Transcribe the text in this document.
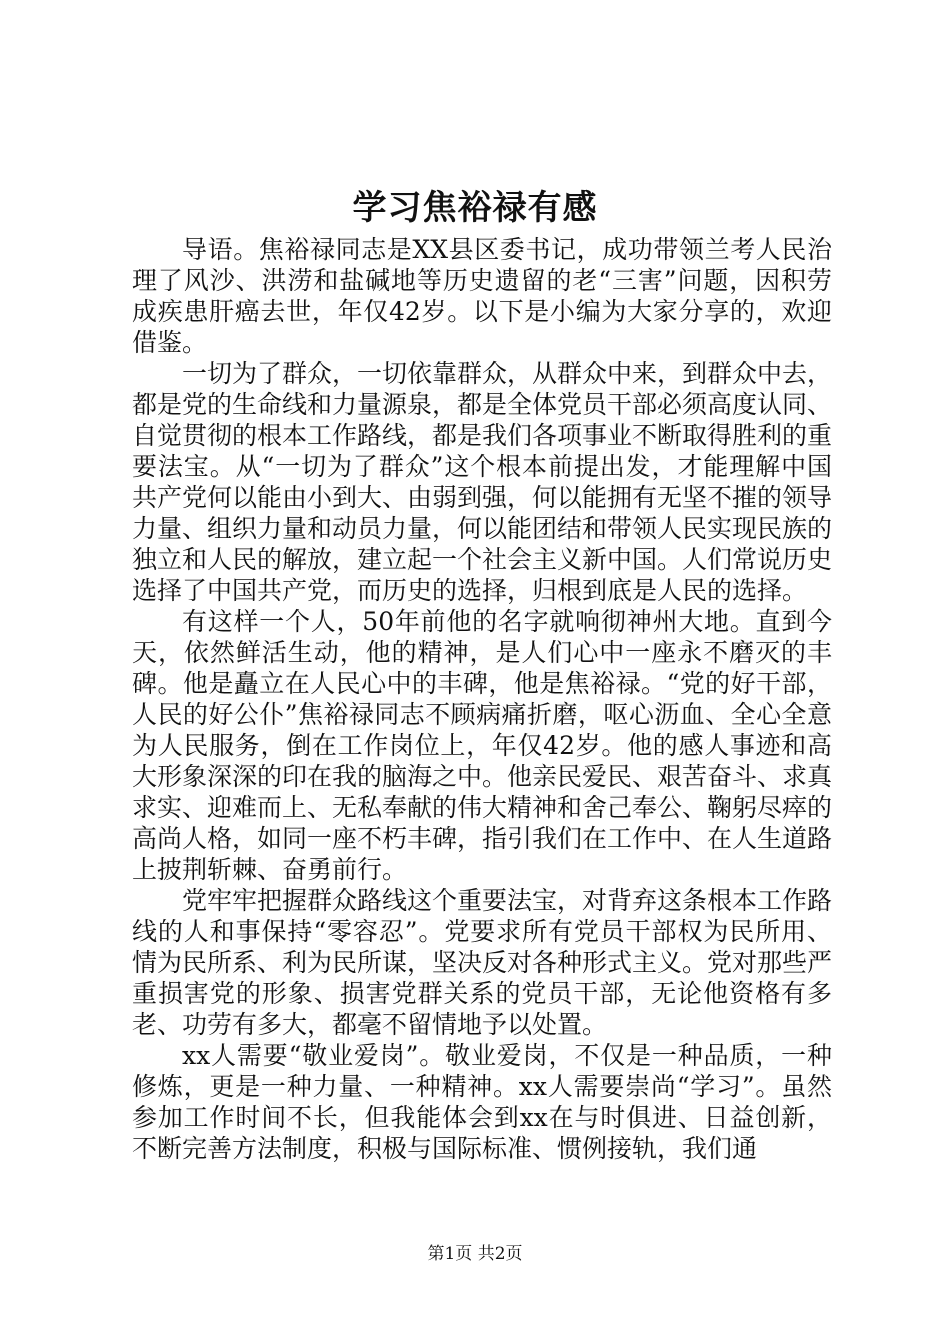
学习焦裕禄有感

导语。焦裕禄同志是XX县区委书记，成功带领兰考人民治理了风沙、洪涝和盐碱地等历史遗留的老“三害”问题，因积劳成疾患肝癌去世，年仅42岁。以下是小编为大家分享的，欢迎借鉴。

一切为了群众，一切依靠群众，从群众中来，到群众中去，都是党的生命线和力量源泉，都是全体党员干部必须高度认同、自觉贯彻的根本工作路线，都是我们各项事业不断取得胜利的重要法宝。从“一切为了群众”这个根本前提出发，才能理解中国共产党何以能由小到大、由弱到强，何以能拥有无坚不摧的领导力量、组织力量和动员力量，何以能团结和带领人民实现民族的独立和人民的解放，建立起一个社会主义新中国。人们常说历史选择了中国共产党，而历史的选择，归根到底是人民的选择。

有这样一个人，50年前他的名字就响彻神州大地。直到今天，依然鲜活生动，他的精神，是人们心中一座永不磨灭的丰碑。他是矗立在人民心中的丰碑，他是焦裕禄。“党的好干部，人民的好公仆”焦裕禄同志不顾病痛折磨，呕心沥血、全心全意为人民服务，倒在工作岗位上，年仅42岁。他的感人事迹和高大形象深深的印在我的脑海之中。他亲民爱民、艰苦奋斗、求真求实、迎难而上、无私奉献的伟大精神和舍己奉公、鞠躬尽瘁的高尚人格，如同一座不朽丰碑，指引我们在工作中、在人生道路上披荆斩棘、奋勇前行。

党牢牢把握群众路线这个重要法宝，对背弃这条根本工作路线的人和事保持“零容忍”。党要求所有党员干部权为民所用、情为民所系、利为民所谋，坚决反对各种形式主义。党对那些严重损害党的形象、损害党群关系的党员干部，无论他资格有多老、功劳有多大，都毫不留情地予以处置。

xx人需要“敬业爱岗”。敬业爱岗，不仅是一种品质，一种修炼，更是一种力量、一种精神。xx人需要崇尚“学习”。虽然参加工作时间不长，但我能体会到xx在与时俱进、日益创新，不断完善方法制度，积极与国际标准、惯例接轨，我们通

第1页 共2页
